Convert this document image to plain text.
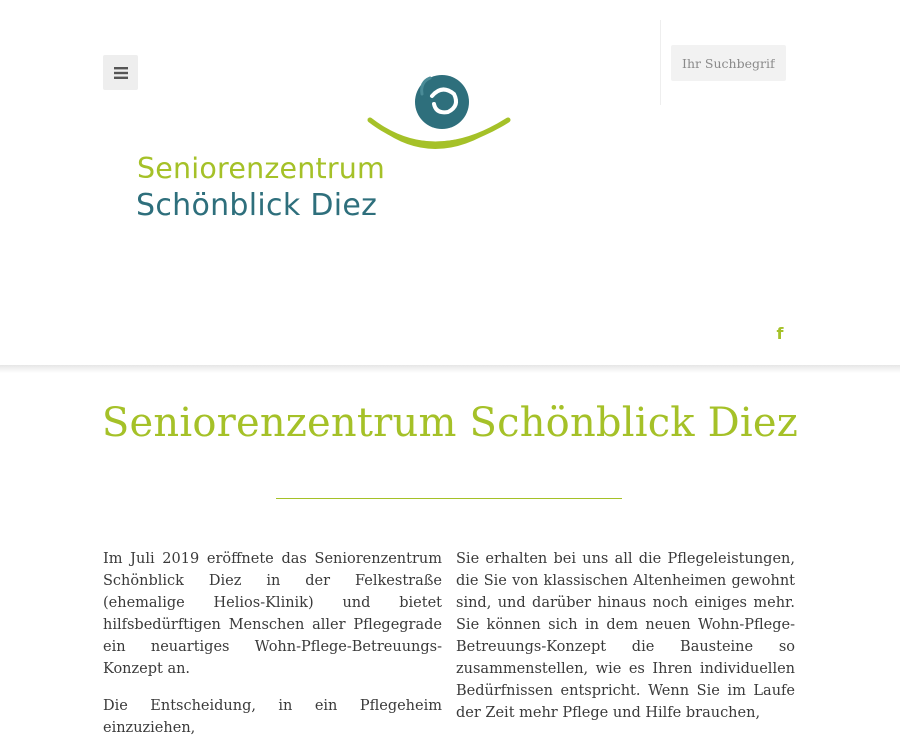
Ihr Suchbegriff
Seniorenzentrum
Schönblick Diez
f
Seniorenzentrum Schönblick Diez

Im Juli 2019 eröffnete das Seniorenzentrum Schönblick Diez in der Felkestraße (ehemalige Helios-Klinik) und bietet hilfsbedürftigen Menschen aller Pflegegrade ein neuartiges Wohn-Pflege-Betreuungs-Konzept an.

Die Entscheidung, in ein Pflegeheim einzuziehen,

Sie erhalten bei uns all die Pflegeleistungen, die Sie von klassischen Altenheimen gewohnt sind, und darüber hinaus noch einiges mehr. Sie können sich in dem neuen Wohn-Pflege-Betreuungs-Konzept die Bausteine so zusammenstellen, wie es Ihren individuellen Bedürfnissen entspricht. Wenn Sie im Laufe der Zeit mehr Pflege und Hilfe brauchen,
